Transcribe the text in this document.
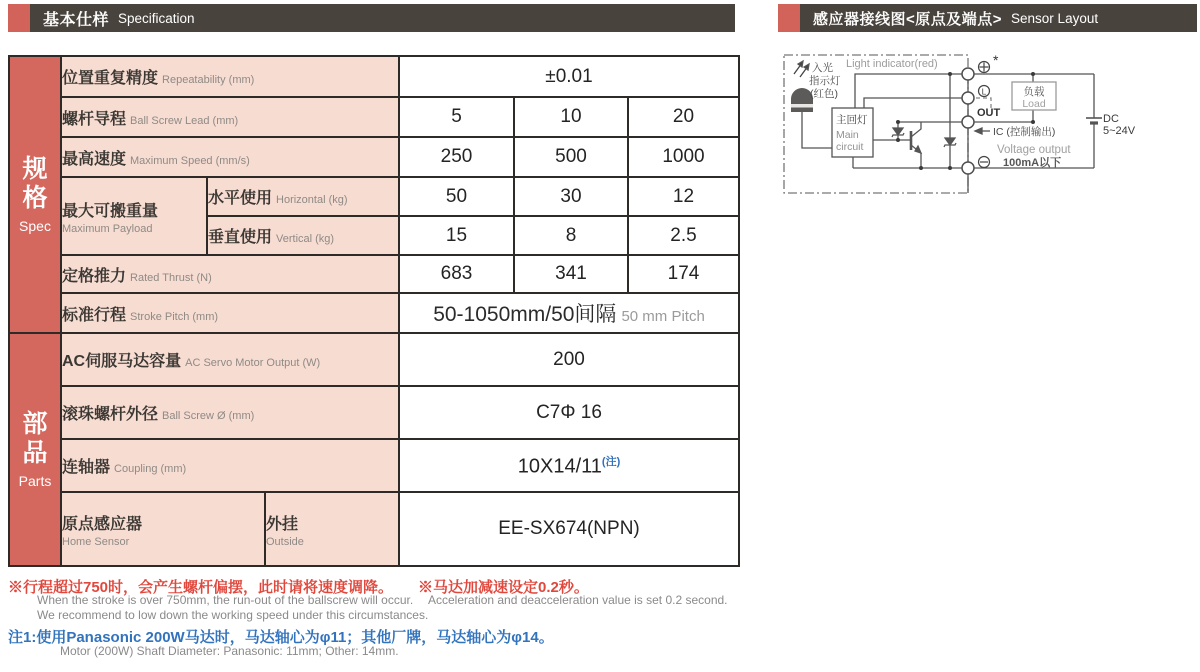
基本仕样 Specification	感应器接线图<原点及端点> Sensor Layout
规格
Spec	位置重复精度 Repeatability (mm)			±0.01		
	螺杆导程 Ball Screw Lead (mm)			5	10	20
	最高速度 Maximum Speed (mm/s)			250	500	1000
	最大可搬重量
Maximum Payload	水平使用 Horizontal (kg)		50	30	12
		垂直使用 Vertical (kg)		15	8	2.5
	定格推力 Rated Thrust (N)			683	341	174
	标准行程 Stroke Pitch (mm)			50-1050mm/50间隔 50 mm Pitch		

部品
Parts	AC伺服马达容量 AC Servo Motor Output (W)			200		
	滚珠螺杆外径 Ball Screw Ø (mm)			C7Φ 16		
	连轴器 Coupling (mm)			$10X14/11^{(注)}$
	原点感应器
Home Sensor		外挂
Outside	EE-SX674(NPN)		
Light indicator(red)
入光
指示灯
(红色)
主回灯
Main
circuit
L
*
OUT
IC (控制输出)
Voltage output
100mA以下
负载
Load
DC
5~24V
※行程超过750时，会产生螺杆偏摆，此时请将速度调降。
When the stroke is over 750mm, the run-out of the ballscrew will occur.
We recommend to low down the working speed under this circumstances.
※马达加减速设定0.2秒。
Acceleration and deacceleration value is set 0.2 second.
注1:使用Panasonic 200W马达时，马达轴心为φ11；其他厂牌，马达轴心为φ14。
Motor (200W) Shaft Diameter: Panasonic: 11mm; Other: 14mm.
